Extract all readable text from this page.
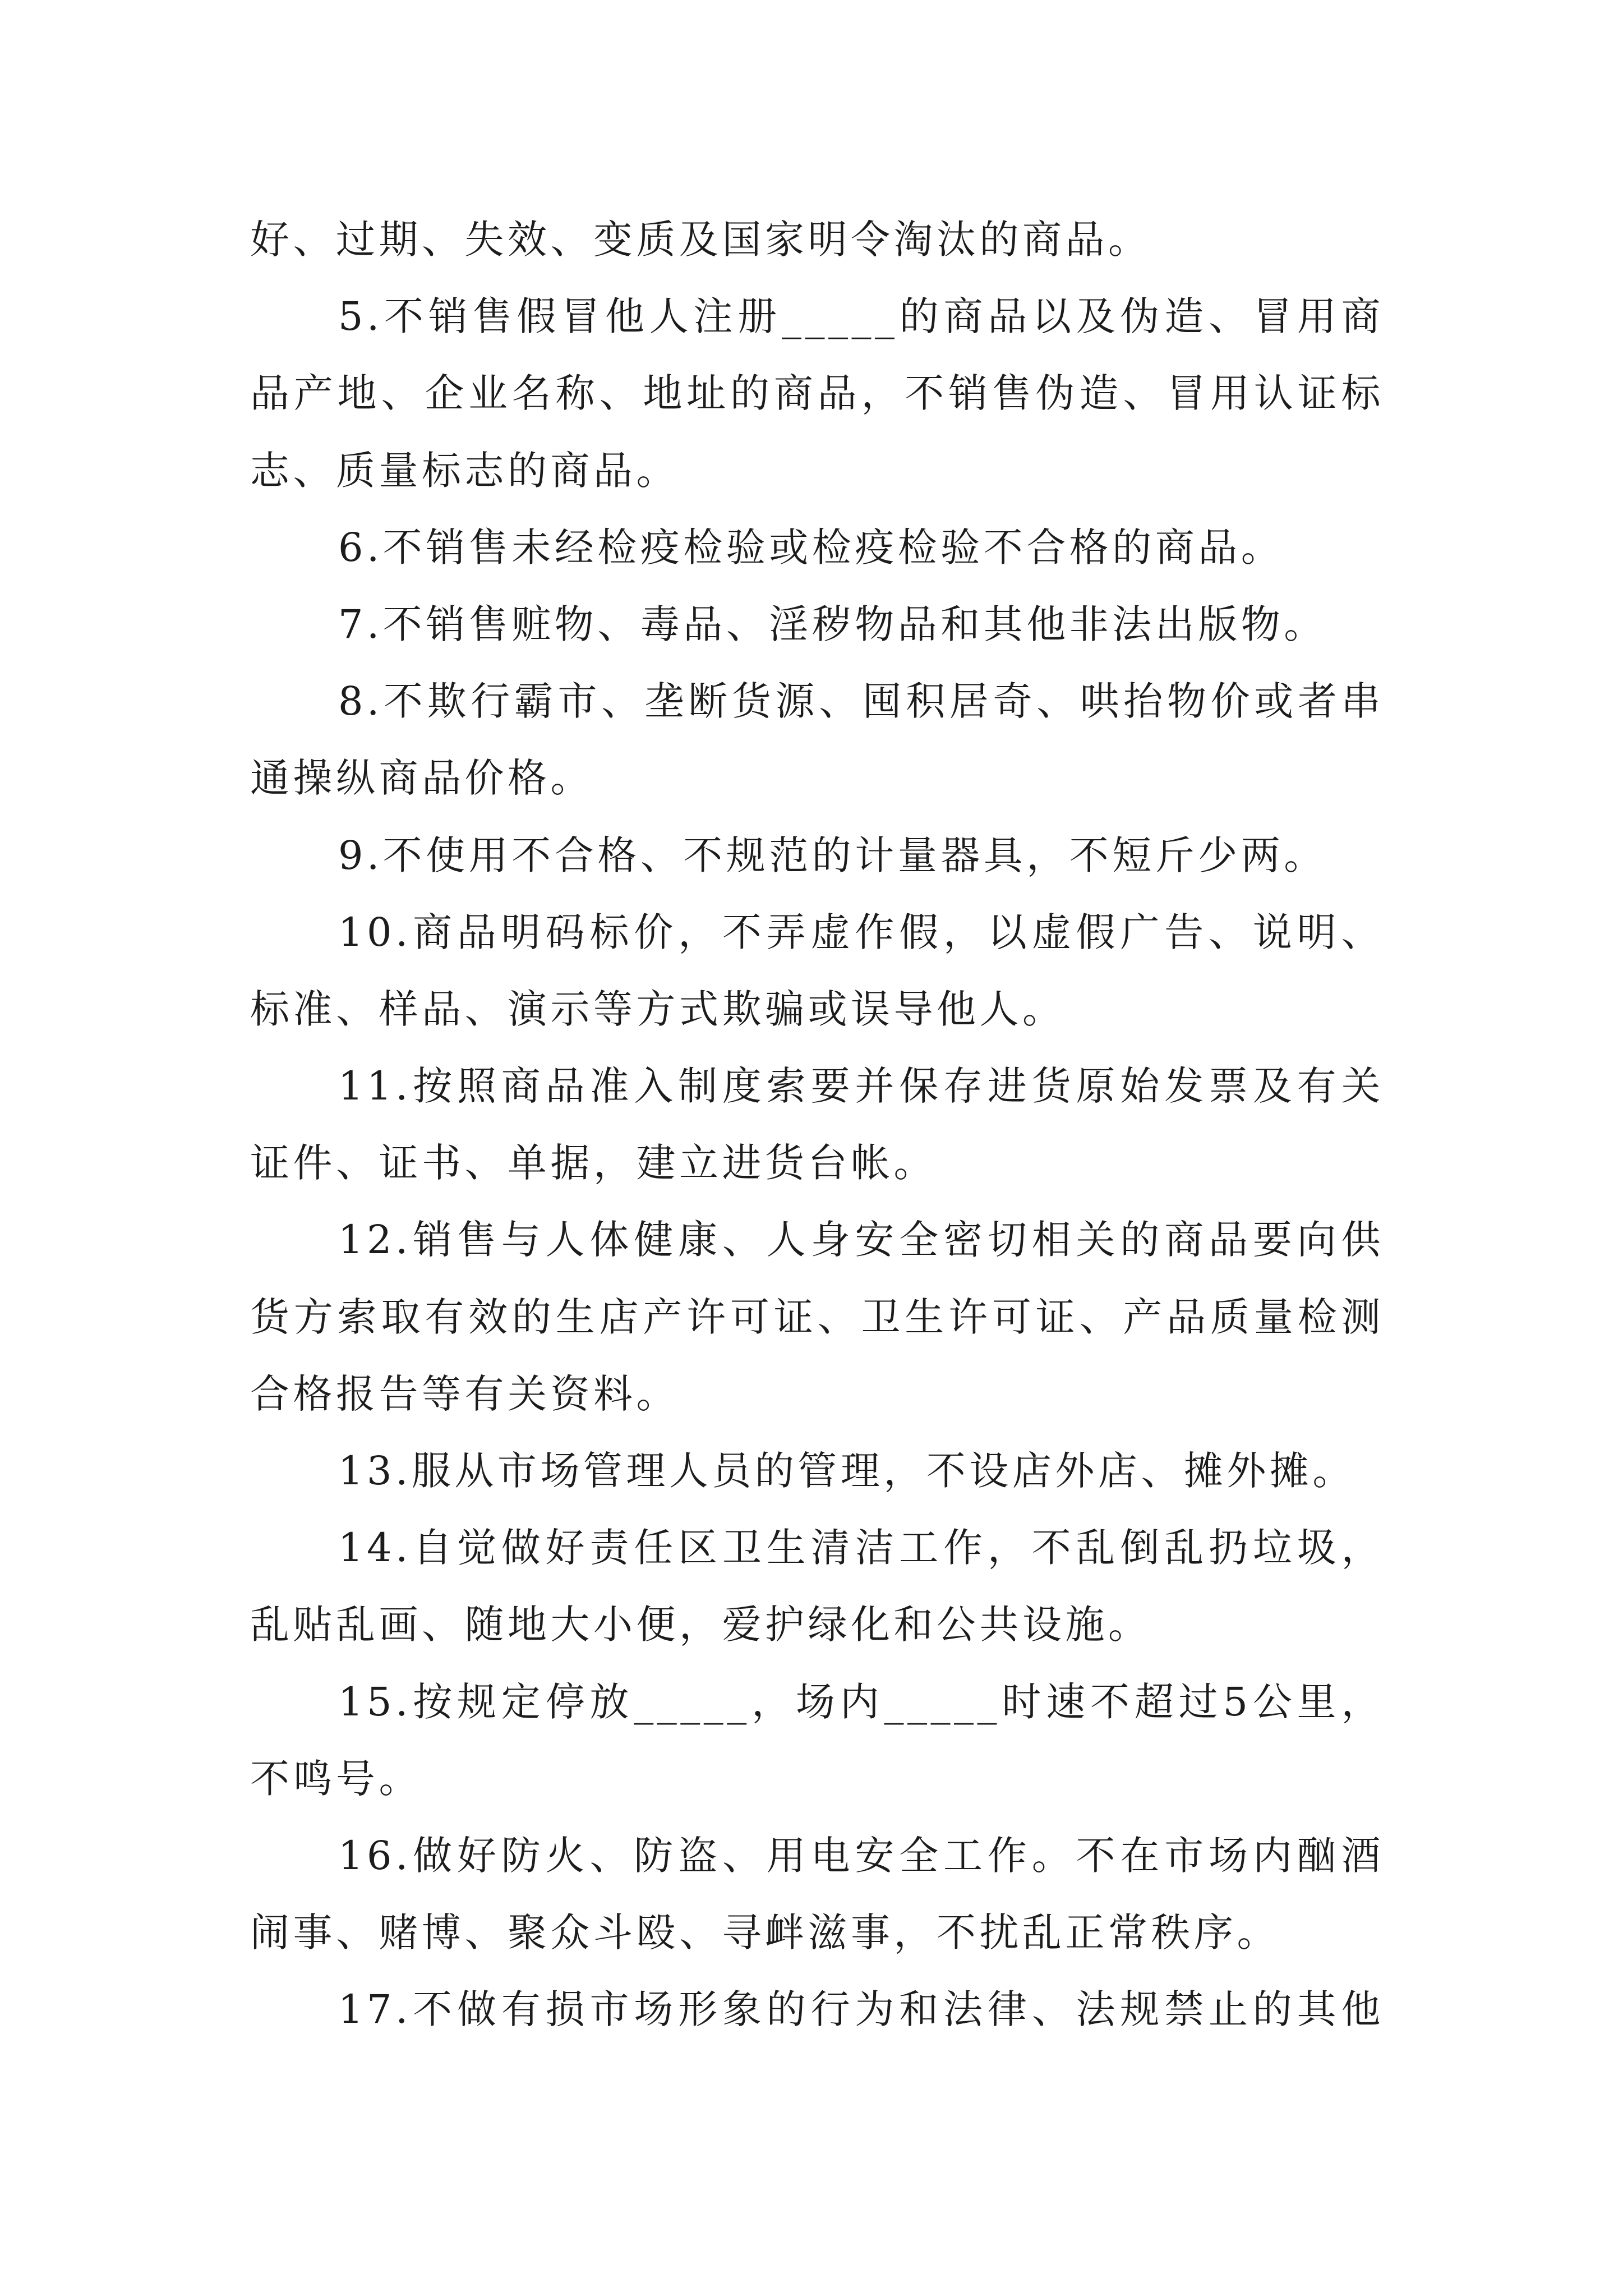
好、过期、失效、变质及国家明令淘汰的商品。
5.不销售假冒他人注册_____的商品以及伪造、冒用商
品产地、企业名称、地址的商品，不销售伪造、冒用认证标
志、质量标志的商品。
6.不销售未经检疫检验或检疫检验不合格的商品。
7.不销售赃物、毒品、淫秽物品和其他非法出版物。
8.不欺行霸市、垄断货源、囤积居奇、哄抬物价或者串
通操纵商品价格。
9.不使用不合格、不规范的计量器具，不短斤少两。
10.商品明码标价，不弄虚作假，以虚假广告、说明、
标准、样品、演示等方式欺骗或误导他人。
11.按照商品准入制度索要并保存进货原始发票及有关
证件、证书、单据，建立进货台帐。
12.销售与人体健康、人身安全密切相关的商品要向供
货方索取有效的生店产许可证、卫生许可证、产品质量检测
合格报告等有关资料。
13.服从市场管理人员的管理，不设店外店、摊外摊。
14.自觉做好责任区卫生清洁工作，不乱倒乱扔垃圾，
乱贴乱画、随地大小便，爱护绿化和公共设施。
15.按规定停放_____，场内_____时速不超过5公里，
不鸣号。
16.做好防火、防盗、用电安全工作。不在市场内酗酒
闹事、赌博、聚众斗殴、寻衅滋事，不扰乱正常秩序。
17.不做有损市场形象的行为和法律、法规禁止的其他
